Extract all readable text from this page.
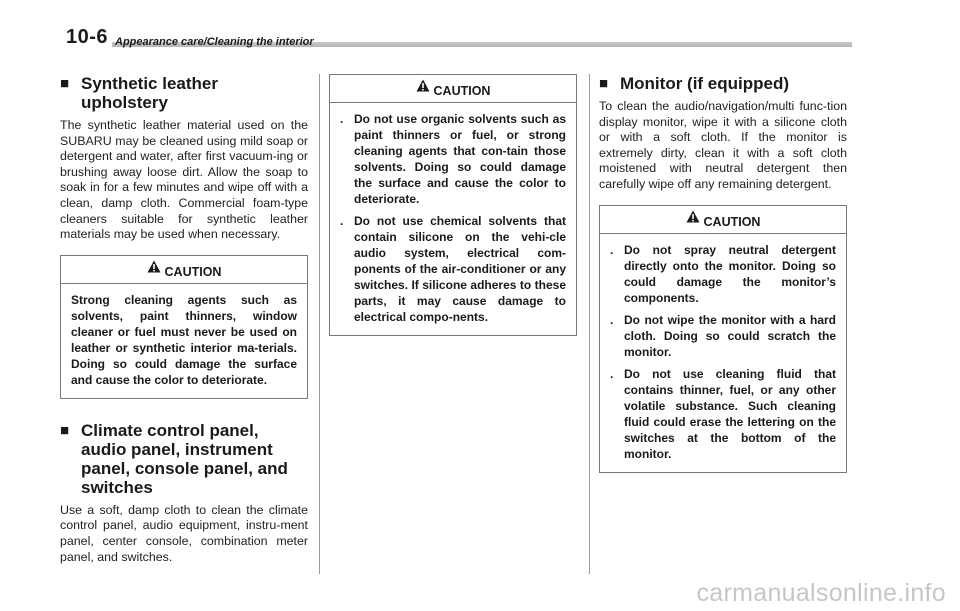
10-6 Appearance care/Cleaning the interior
■ Synthetic leather upholstery

The synthetic leather material used on the SUBARU may be cleaned using mild soap or detergent and water, after first vacuum-ing or brushing away loose dirt. Allow the soap to soak in for a few minutes and wipe off with a clean, damp cloth. Commercial foam-type cleaners suitable for synthetic leather materials may be used when necessary.

CAUTION
Strong cleaning agents such as solvents, paint thinners, window cleaner or fuel must never be used on leather or synthetic interior ma-terials. Doing so could damage the surface and cause the color to deteriorate.
■ Climate control panel, audio panel, instrument panel, console panel, and switches

Use a soft, damp cloth to clean the climate control panel, audio equipment, instru-ment panel, center console, combination meter panel, and switches.

CAUTION
. Do not use organic solvents such as paint thinners or fuel, or strong cleaning agents that con-tain those solvents. Doing so could damage the surface and cause the color to deteriorate.
. Do not use chemical solvents that contain silicone on the vehi-cle audio system, electrical com-ponents of the air-conditioner or any switches. If silicone adheres to these parts, it may cause damage to electrical compo-nents.
■ Monitor (if equipped)

To clean the audio/navigation/multi func-tion display monitor, wipe it with a silicone cloth or with a soft cloth. If the monitor is extremely dirty, clean it with a soft cloth moistened with neutral detergent then carefully wipe off any remaining detergent.

CAUTION
. Do not spray neutral detergent directly onto the monitor. Doing so could damage the monitor’s components.
. Do not wipe the monitor with a hard cloth. Doing so could scratch the monitor.
. Do not use cleaning fluid that contains thinner, fuel, or any other volatile substance. Such cleaning fluid could erase the lettering on the switches at the bottom of the monitor.
carmanualsonline.info
